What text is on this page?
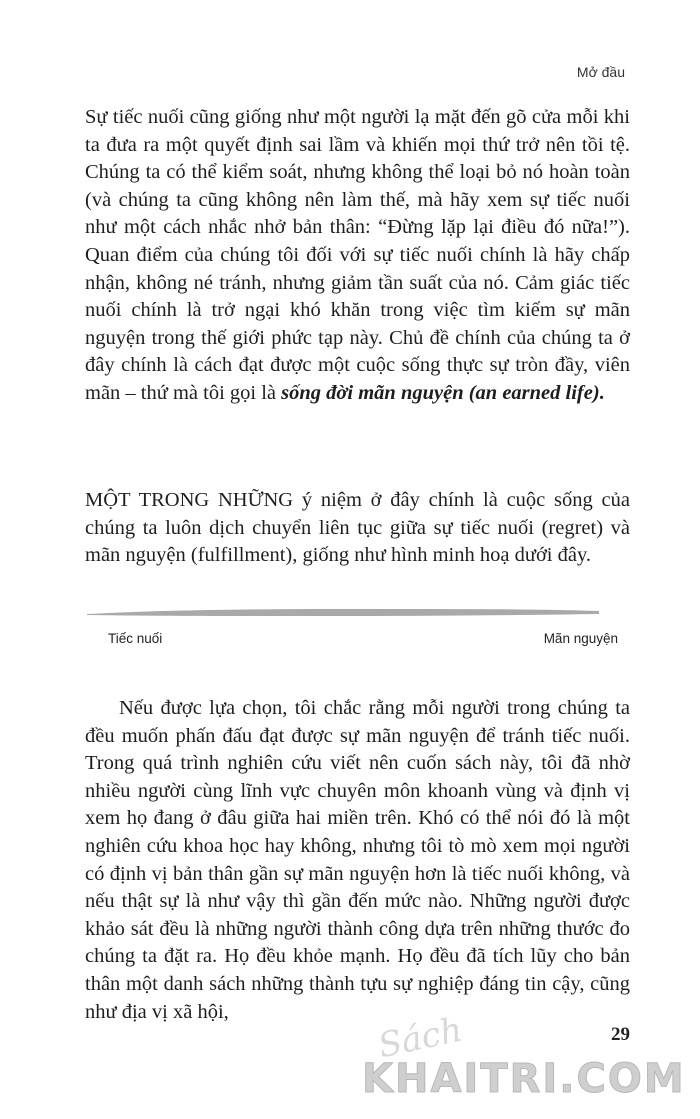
Mở đầu

Sự tiếc nuối cũng giống như một người lạ mặt đến gõ cửa mỗi khi ta đưa ra một quyết định sai lầm và khiến mọi thứ trở nên tồi tệ. Chúng ta có thể kiểm soát, nhưng không thể loại bỏ nó hoàn toàn (và chúng ta cũng không nên làm thế, mà hãy xem sự tiếc nuối như một cách nhắc nhở bản thân: “Đừng lặp lại điều đó nữa!”). Quan điểm của chúng tôi đối với sự tiếc nuối chính là hãy chấp nhận, không né tránh, nhưng giảm tần suất của nó. Cảm giác tiếc nuối chính là trở ngại khó khăn trong việc tìm kiếm sự mãn nguyện trong thế giới phức tạp này. Chủ đề chính của chúng ta ở đây chính là cách đạt được một cuộc sống thực sự tròn đầy, viên mãn – thứ mà tôi gọi là sống đời mãn nguyện (an earned life).

MỘT TRONG NHỮNG ý niệm ở đây chính là cuộc sống của chúng ta luôn dịch chuyển liên tục giữa sự tiếc nuối (regret) và mãn nguyện (fulfillment), giống như hình minh hoạ dưới đây.

Tiếc nuối	Mãn nguyện

Nếu được lựa chọn, tôi chắc rằng mỗi người trong chúng ta đều muốn phấn đấu đạt được sự mãn nguyện để tránh tiếc nuối. Trong quá trình nghiên cứu viết nên cuốn sách này, tôi đã nhờ nhiều người cùng lĩnh vực chuyên môn khoanh vùng và định vị xem họ đang ở đâu giữa hai miền trên. Khó có thể nói đó là một nghiên cứu khoa học hay không, nhưng tôi tò mò xem mọi người có định vị bản thân gần sự mãn nguyện hơn là tiếc nuối không, và nếu thật sự là như vậy thì gần đến mức nào. Những người được khảo sát đều là những người thành công dựa trên những thước đo chúng ta đặt ra. Họ đều khỏe mạnh. Họ đều đã tích lũy cho bản thân một danh sách những thành tựu sự nghiệp đáng tin cậy, cũng như địa vị xã hội,

29
Sách
KHAITRI.COM
